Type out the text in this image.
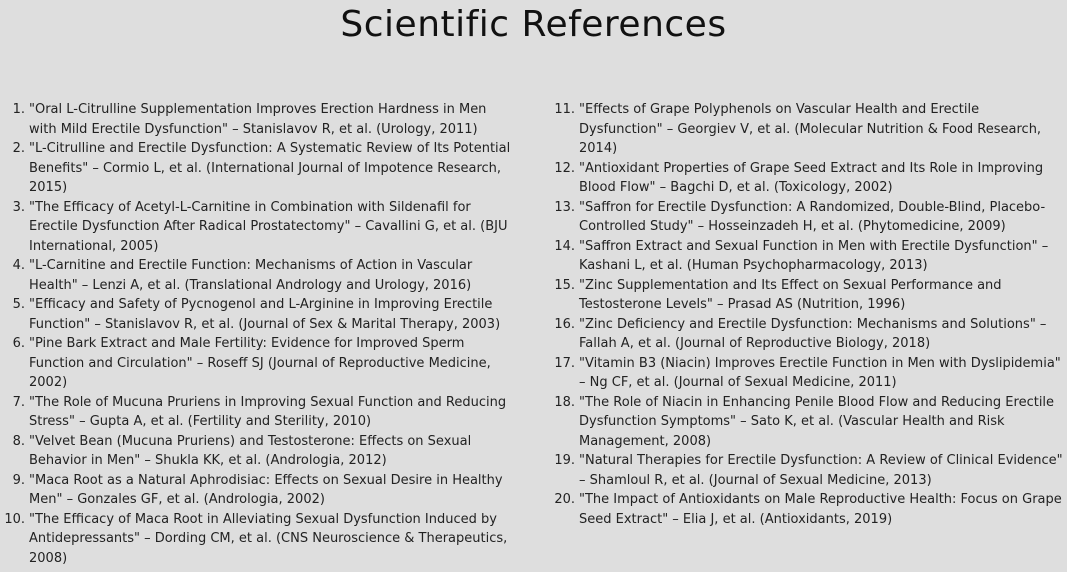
Scientific References
1. "Oral L-Citrulline Supplementation Improves Erection Hardness in Men with Mild Erectile Dysfunction" – Stanislavov R, et al. (Urology, 2011)
2. "L-Citrulline and Erectile Dysfunction: A Systematic Review of Its Potential Benefits" – Cormio L, et al. (International Journal of Impotence Research, 2015)
3. "The Efficacy of Acetyl-L-Carnitine in Combination with Sildenafil for Erectile Dysfunction After Radical Prostatectomy" – Cavallini G, et al. (BJU International, 2005)
4. "L-Carnitine and Erectile Function: Mechanisms of Action in Vascular Health" – Lenzi A, et al. (Translational Andrology and Urology, 2016)
5. "Efficacy and Safety of Pycnogenol and L-Arginine in Improving Erectile Function" – Stanislavov R, et al. (Journal of Sex & Marital Therapy, 2003)
6. "Pine Bark Extract and Male Fertility: Evidence for Improved Sperm Function and Circulation" – Roseff SJ (Journal of Reproductive Medicine, 2002)
7. "The Role of Mucuna Pruriens in Improving Sexual Function and Reducing Stress" – Gupta A, et al. (Fertility and Sterility, 2010)
8. "Velvet Bean (Mucuna Pruriens) and Testosterone: Effects on Sexual Behavior in Men" – Shukla KK, et al. (Andrologia, 2012)
9. "Maca Root as a Natural Aphrodisiac: Effects on Sexual Desire in Healthy Men" – Gonzales GF, et al. (Andrologia, 2002)
10. "The Efficacy of Maca Root in Alleviating Sexual Dysfunction Induced by Antidepressants" – Dording CM, et al. (CNS Neuroscience & Therapeutics, 2008)
11. "Effects of Grape Polyphenols on Vascular Health and Erectile Dysfunction" – Georgiev V, et al. (Molecular Nutrition & Food Research, 2014)
12. "Antioxidant Properties of Grape Seed Extract and Its Role in Improving Blood Flow" – Bagchi D, et al. (Toxicology, 2002)
13. "Saffron for Erectile Dysfunction: A Randomized, Double-Blind, Placebo-Controlled Study" – Hosseinzadeh H, et al. (Phytomedicine, 2009)
14. "Saffron Extract and Sexual Function in Men with Erectile Dysfunction" – Kashani L, et al. (Human Psychopharmacology, 2013)
15. "Zinc Supplementation and Its Effect on Sexual Performance and Testosterone Levels" – Prasad AS (Nutrition, 1996)
16. "Zinc Deficiency and Erectile Dysfunction: Mechanisms and Solutions" – Fallah A, et al. (Journal of Reproductive Biology, 2018)
17. "Vitamin B3 (Niacin) Improves Erectile Function in Men with Dyslipidemia" – Ng CF, et al. (Journal of Sexual Medicine, 2011)
18. "The Role of Niacin in Enhancing Penile Blood Flow and Reducing Erectile Dysfunction Symptoms" – Sato K, et al. (Vascular Health and Risk Management, 2008)
19. "Natural Therapies for Erectile Dysfunction: A Review of Clinical Evidence" – Shamloul R, et al. (Journal of Sexual Medicine, 2013)
20. "The Impact of Antioxidants on Male Reproductive Health: Focus on Grape Seed Extract" – Elia J, et al. (Antioxidants, 2019)
